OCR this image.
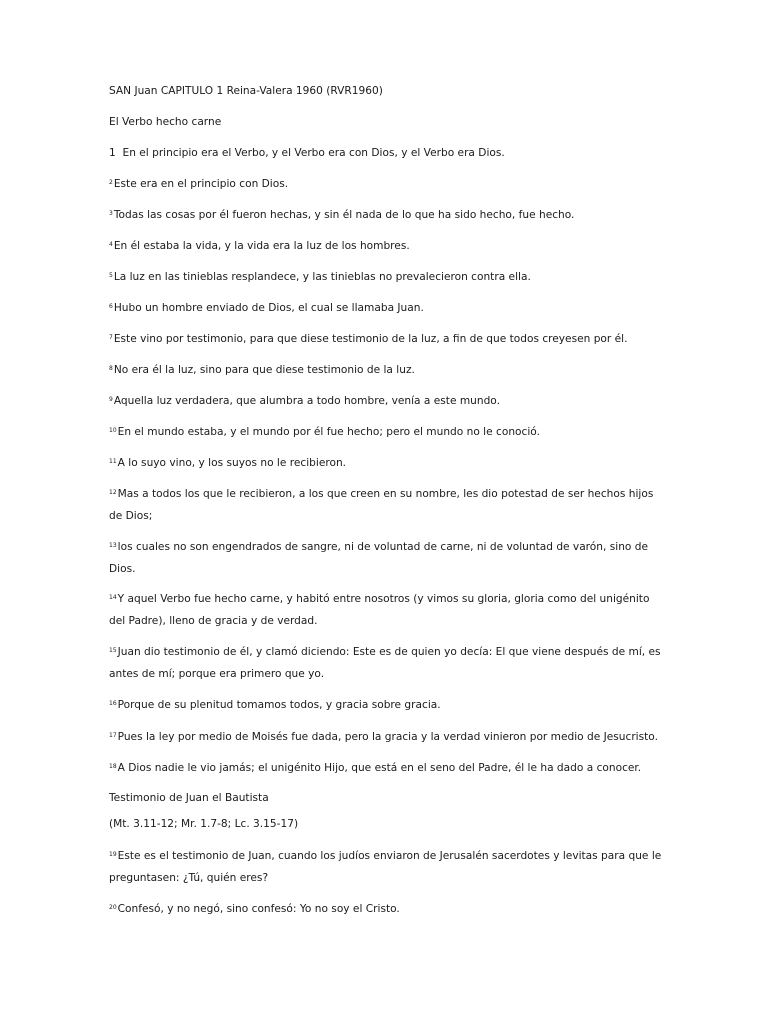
SAN Juan CAPITULO 1 Reina-Valera 1960 (RVR1960)

El Verbo hecho carne

1 En el principio era el Verbo, y el Verbo era con Dios, y el Verbo era Dios.

$^2$Este era en el principio con Dios.

$^3$Todas las cosas por él fueron hechas, y sin él nada de lo que ha sido hecho, fue hecho.

$^4$En él estaba la vida, y la vida era la luz de los hombres.

$^5$La luz en las tinieblas resplandece, y las tinieblas no prevalecieron contra ella.

$^6$Hubo un hombre enviado de Dios, el cual se llamaba Juan.

$^7$Este vino por testimonio, para que diese testimonio de la luz, a fin de que todos creyesen por él.

$^8$No era él la luz, sino para que diese testimonio de la luz.

$^9$Aquella luz verdadera, que alumbra a todo hombre, venía a este mundo.

$^{10}$En el mundo estaba, y el mundo por él fue hecho; pero el mundo no le conoció.

$^{11}$A lo suyo vino, y los suyos no le recibieron.

$^{12}$Mas a todos los que le recibieron, a los que creen en su nombre, les dio potestad de ser hechos hijos

de Dios;

$^{13}$los cuales no son engendrados de sangre, ni de voluntad de carne, ni de voluntad de varón, sino de

Dios.

$^{14}$Y aquel Verbo fue hecho carne, y habitó entre nosotros (y vimos su gloria, gloria como del unigénito

del Padre), lleno de gracia y de verdad.

$^{15}$Juan dio testimonio de él, y clamó diciendo: Este es de quien yo decía: El que viene después de mí, es

antes de mí; porque era primero que yo.

$^{16}$Porque de su plenitud tomamos todos, y gracia sobre gracia.

$^{17}$Pues la ley por medio de Moisés fue dada, pero la gracia y la verdad vinieron por medio de Jesucristo.

$^{18}$A Dios nadie le vio jamás; el unigénito Hijo, que está en el seno del Padre, él le ha dado a conocer.

Testimonio de Juan el Bautista

(Mt. 3.11-12; Mr. 1.7-8; Lc. 3.15-17)

$^{19}$Este es el testimonio de Juan, cuando los judíos enviaron de Jerusalén sacerdotes y levitas para que le

preguntasen: ¿Tú, quién eres?

$^{20}$Confesó, y no negó, sino confesó: Yo no soy el Cristo.
